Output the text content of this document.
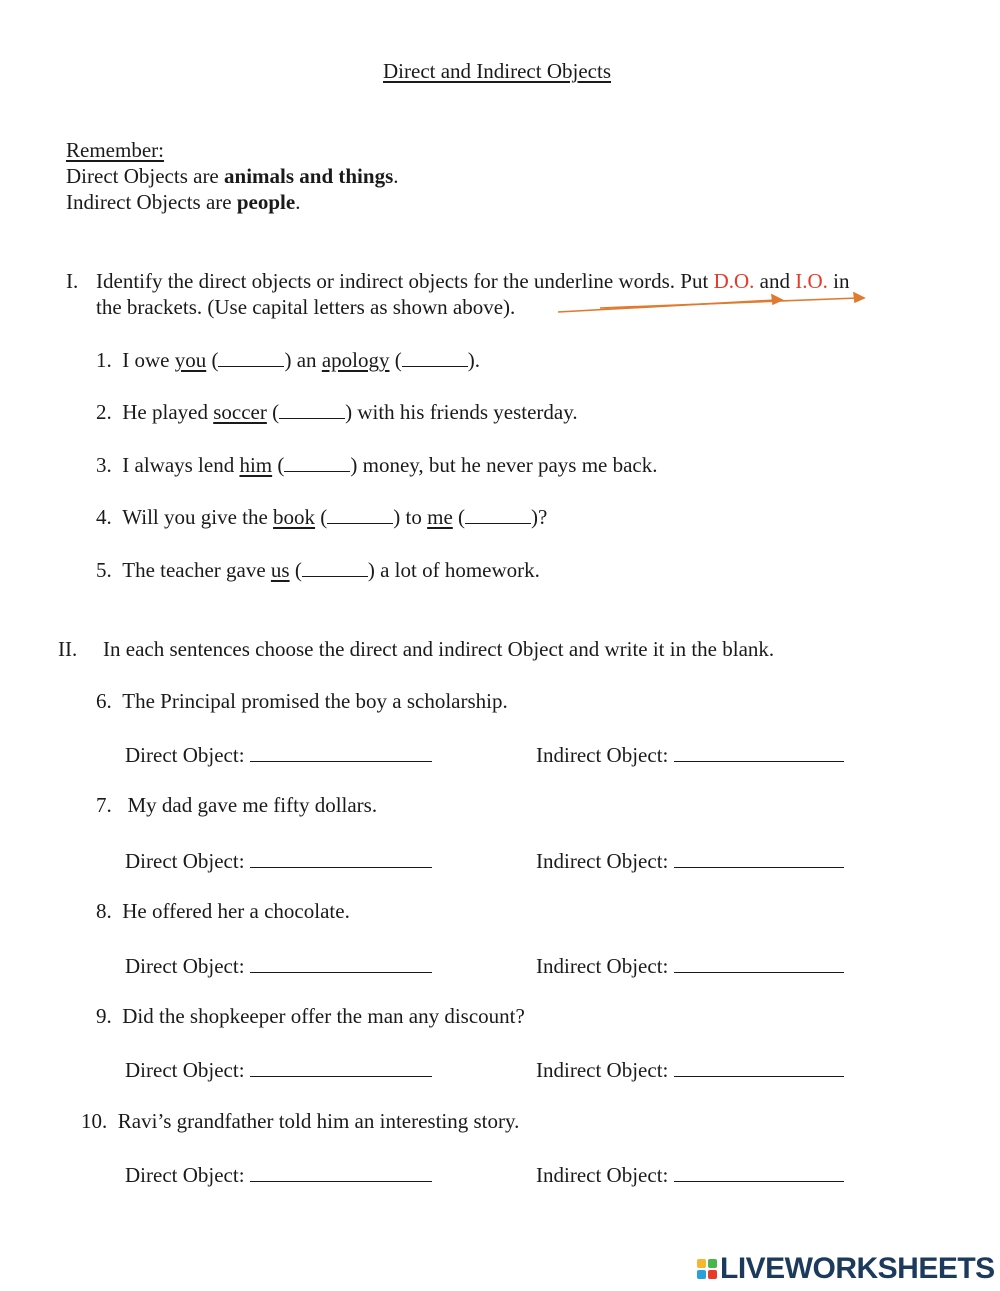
Direct and Indirect Objects
Remember:
Direct Objects are animals and things.
Indirect Objects are people.
I. Identify the direct objects or indirect objects for the underline words. Put D.O. and I.O. in
the brackets. (Use capital letters as shown above).
1. I owe you (	) an apology (	).
2. He played soccer (	) with his friends yesterday.
3. I always lend him (	) money, but he never pays me back.
4. Will you give the book (	) to me (	)?
5. The teacher gave us (	) a lot of homework.
II. In each sentences choose the direct and indirect Object and write it in the blank.
6. The Principal promised the boy a scholarship.
Direct Object:	Indirect Object:
7.   My dad gave me fifty dollars.
Direct Object:	Indirect Object:
8. He offered her a chocolate.
Direct Object:	Indirect Object:
9. Did the shopkeeper offer the man any discount?
Direct Object:	Indirect Object:
10. Ravi’s grandfather told him an interesting story.
Direct Object:	Indirect Object:
LIVEWORKSHEETS
